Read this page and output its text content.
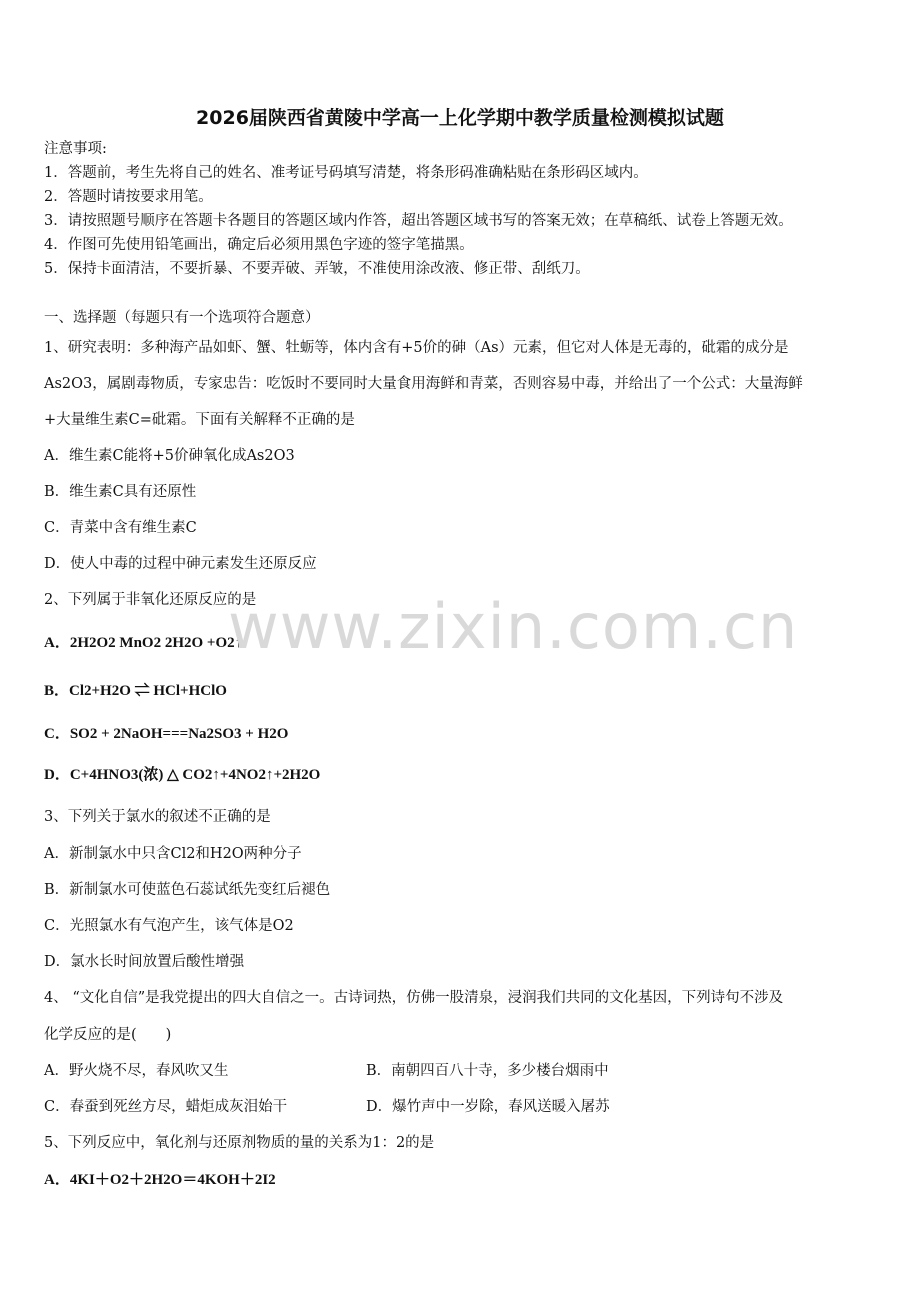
2026届陕西省黄陵中学高一上化学期中教学质量检测模拟试题
注意事项:
1．答题前，考生先将自己的姓名、准考证号码填写清楚，将条形码准确粘贴在条形码区域内。
2．答题时请按要求用笔。
3．请按照题号顺序在答题卡各题目的答题区域内作答，超出答题区域书写的答案无效；在草稿纸、试卷上答题无效。
4．作图可先使用铅笔画出，确定后必须用黑色字迹的签字笔描黑。
5．保持卡面清洁，不要折暴、不要弄破、弄皱，不准使用涂改液、修正带、刮纸刀。
一、选择题（每题只有一个选项符合题意）
1、研究表明：多种海产品如虾、蟹、牡蛎等，体内含有+5价的砷（As）元素，但它对人体是无毒的，砒霜的成分是
As2O3，属剧毒物质，专家忠告：吃饭时不要同时大量食用海鲜和青菜，否则容易中毒，并给出了一个公式：大量海鲜
+大量维生素C=砒霜。下面有关解释不正确的是
A．维生素C能将+5价砷氧化成As2O3
B．维生素C具有还原性
C．青菜中含有维生素C
D．使人中毒的过程中砷元素发生还原反应
2、下列属于非氧化还原反应的是
A．2H2O2 MnO2 2H2O +O2↑
B．Cl2+H2O ⇌ HCl+HClO
C．SO2 + 2NaOH===Na2SO3 + H2O
D．C+4HNO3(浓) △ CO2↑+4NO2↑+2H2O
3、下列关于氯水的叙述不正确的是
A．新制氯水中只含Cl2和H2O两种分子
B．新制氯水可使蓝色石蕊试纸先变红后褪色
C．光照氯水有气泡产生，该气体是O2
D．氯水长时间放置后酸性增强
4、 “文化自信”是我党提出的四大自信之一。古诗词热，仿佛一股清泉，浸润我们共同的文化基因，下列诗句不涉及
化学反应的是(　　)
A．野火烧不尽，春风吹又生	B．南朝四百八十寺，多少楼台烟雨中
C．春蚕到死丝方尽，蜡炬成灰泪始干	D．爆竹声中一岁除，春风送暖入屠苏
5、下列反应中，氧化剂与还原剂物质的量的关系为1：2的是
A．4KI＋O2＋2H2O＝4KOH＋2I2
www.zixin.com.cn
